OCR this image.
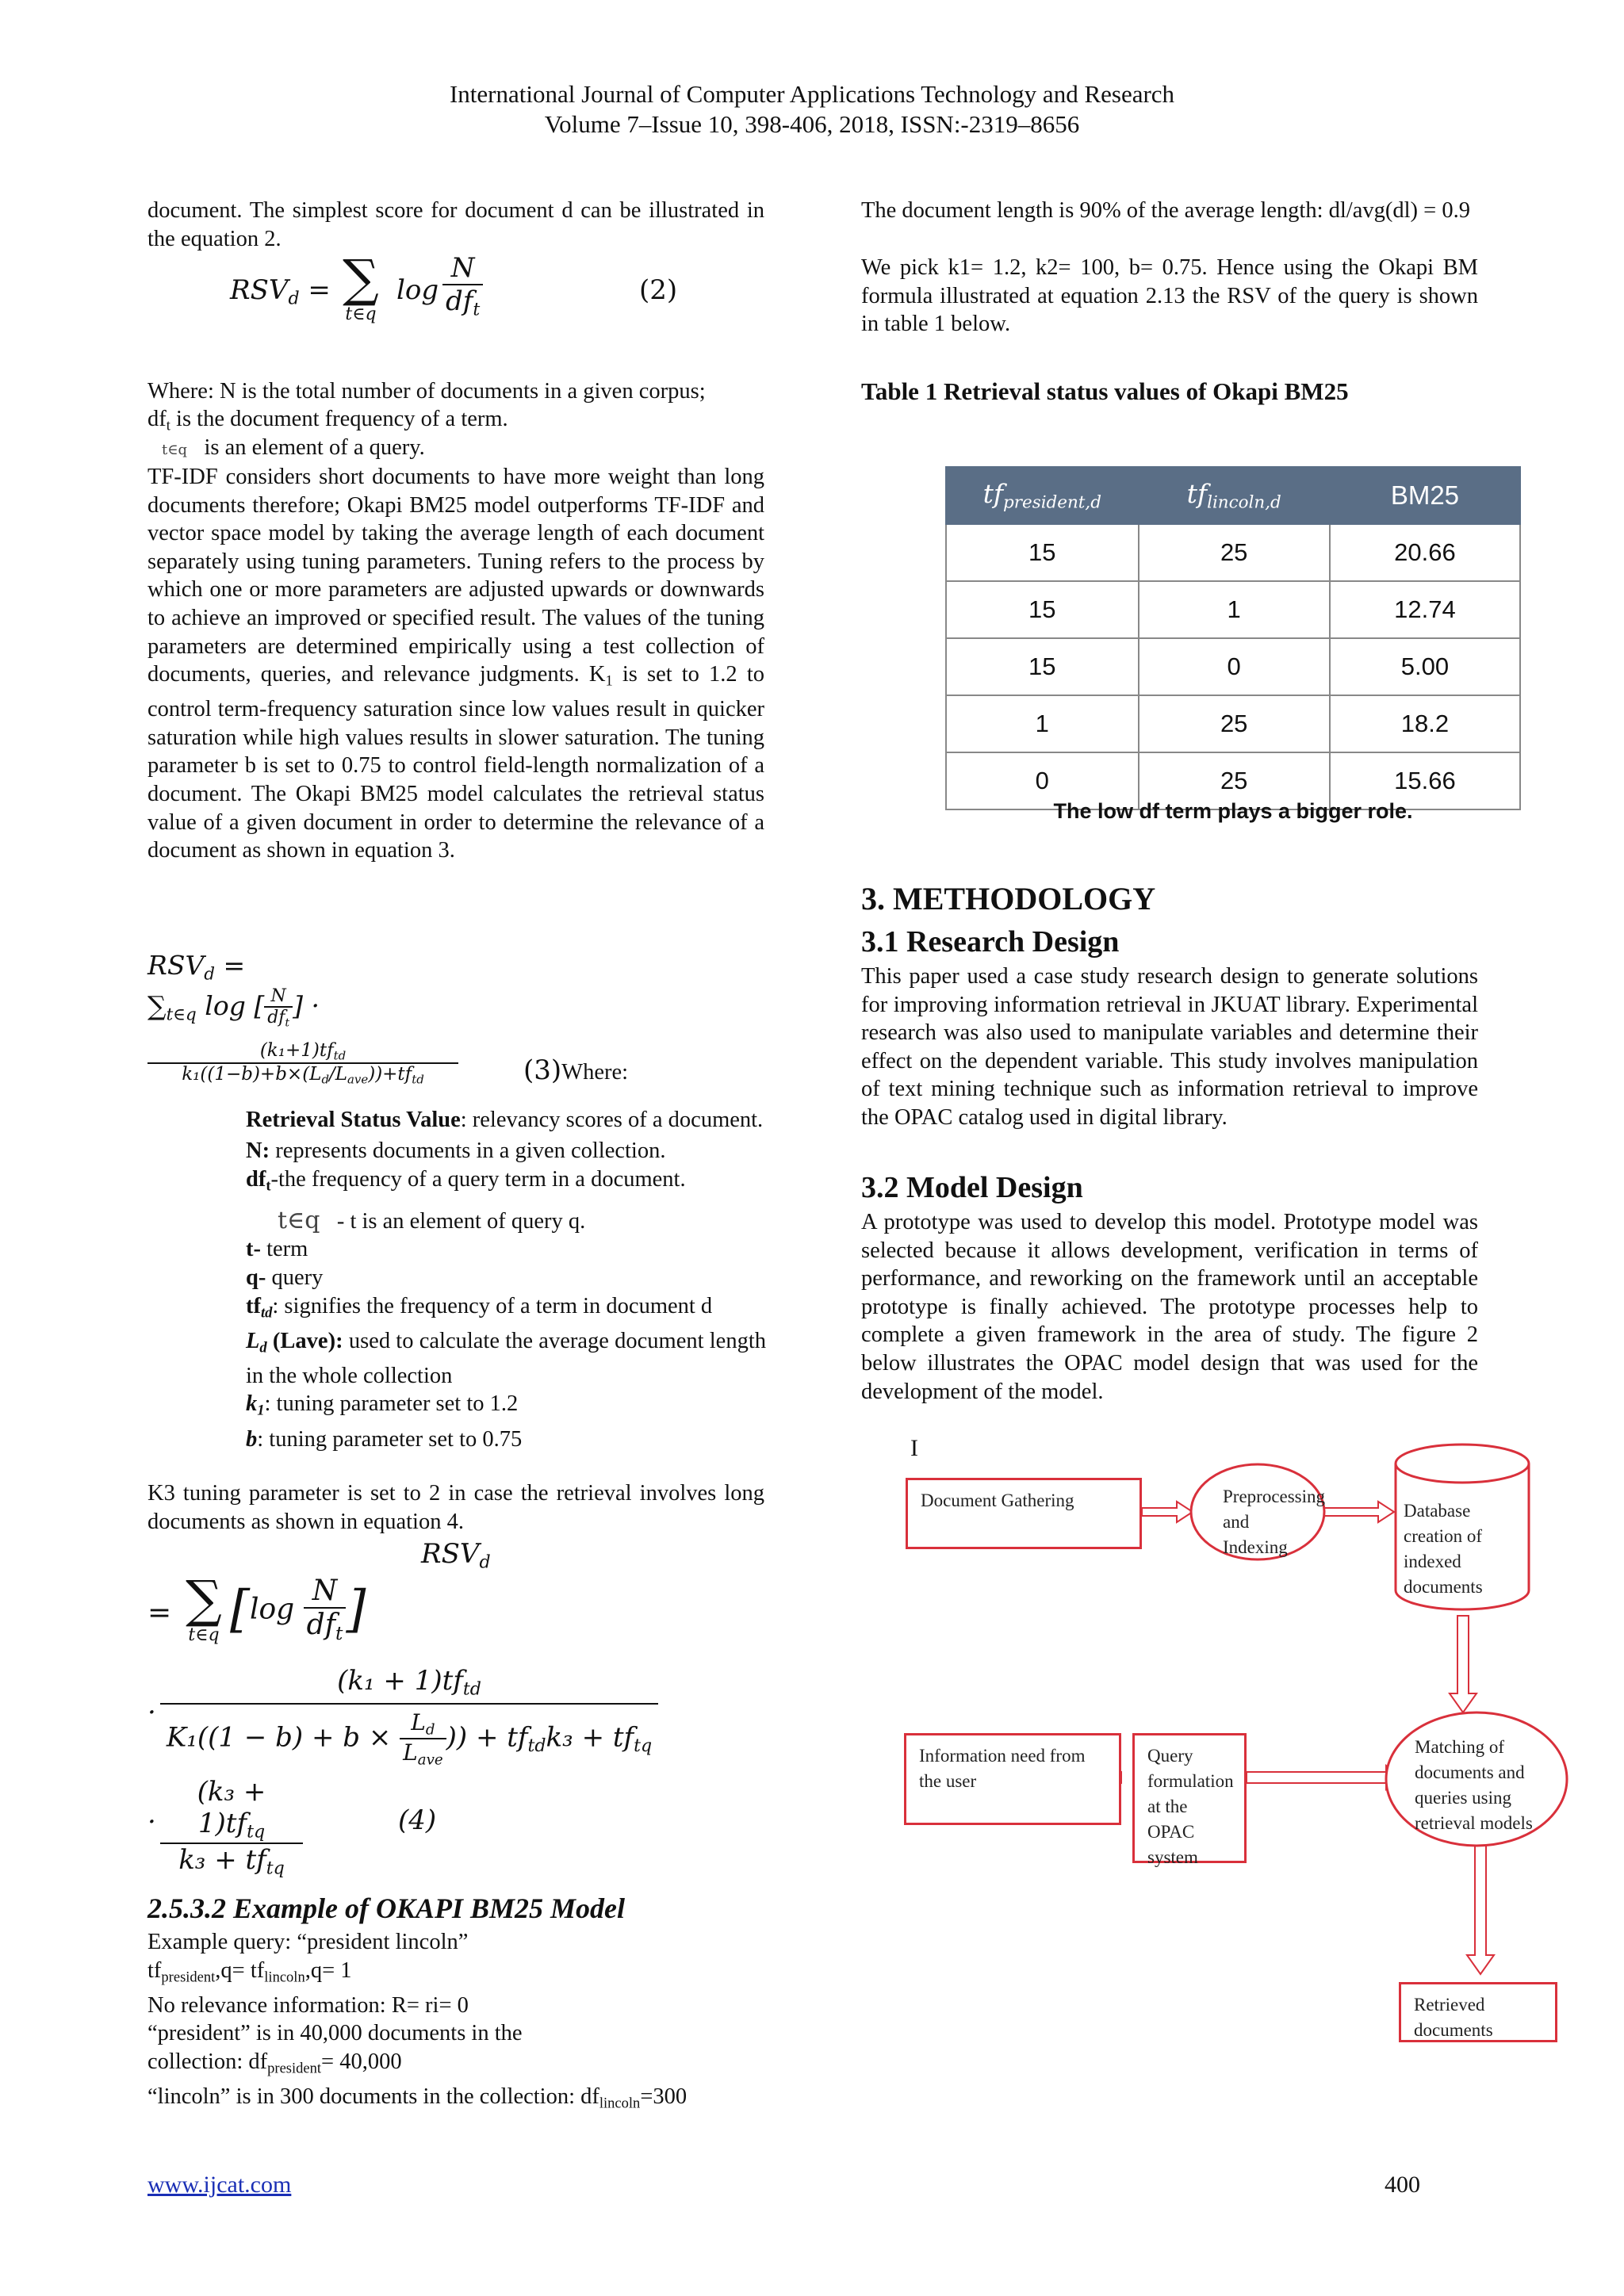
International Journal of Computer Applications Technology and Research
Volume 7–Issue 10, 398-406, 2018, ISSN:-2319–8656
document. The simplest score for document d can be illustrated in the equation 2.
$RSV_d$ = ∑
t∈q
log
N
$df_t$
(2)
Where: N is the total number of documents in a given corpus;
$df_t$ is the document frequency of a term.
t∈q is an element of a query.
TF-IDF considers short documents to have more weight than long documents therefore; Okapi BM25 model outperforms TF-IDF and vector space model by taking the average length of each document separately using tuning parameters. Tuning refers to the process by which one or more parameters are adjusted upwards or downwards to achieve an improved or specified result. The values of the tuning parameters are determined empirically using a test collection of documents, queries, and relevance judgments. $K_1$ is set to 1.2 to control term-frequency saturation since low values result in quicker saturation while high values results in slower saturation. The tuning parameter b is set to 0.75 to control field-length normalization of a document. The Okapi BM25 model calculates the retrieval status value of a given document in order to determine the relevance of a document as shown in equation 3.
$RSV_d$ =
$\sum_{t\in q}$ log [ $\frac{N}{df_t}$ ] ·
$(k_1+1)tf_{td}$
$k_1((1-b)+b\times(L_d/L_{ave}))+tf_{td}$	(3)Where:
Retrieval Status Value: relevancy scores of a document.
N: represents documents in a given collection.
$df_t$-the frequency of a query term in a document.
t∈q - t is an element of query q.
t- term
q- query
$tf_{td}$: signifies the frequency of a term in document d
$L_d$ (Lave): used to calculate the average document length in the whole collection
$k_1$: tuning parameter set to 1.2
b: tuning parameter set to 0.75
K3 tuning parameter is set to 2 in case the retrieval involves long documents as shown in equation 4.
$RSV_d$
= ∑
t∈q [$\log \frac{N}{df_t}$ ]
·
$(k_1 + 1)tf_{td}$
$K_1((1 - b) + b \times \frac{L_d}{L_{ave}}$ )) + $tf_{td}k_3 + tf_{tq}$
·
$(k_3 + 1)tf_{tq}$
$k_3 + tf_{tq}$
(4)
2.5.3.2 Example of OKAPI BM25 Model
Example query: “president lincoln”
$tf_{president},q= tf_{lincoln},q= 1$
No relevance information: R= ri= 0
“president” is in 40,000 documents in the
collection: $df_{president}= 40,000$
“lincoln” is in 300 documents in the collection: $df_{lincoln}=300$
The document length is 90% of the average length: dl/avg(dl) = 0.9
We pick k1= 1.2, k2= 100, b= 0.75. Hence using the Okapi BM formula illustrated at equation 2.13 the RSV of the query is shown in table 1 below.
Table 1 Retrieval status values of Okapi BM25
$tf_{president,d}$	$tf_{lincoln,d}$	BM25
15	25	20.66
15	1	12.74
15	0	5.00
1	25	18.2
0	25	15.66
The low df term plays a bigger role.
3. METHODOLOGY
3.1 Research Design
This paper used a case study research design to generate solutions for improving information retrieval in JKUAT library. Experimental research was also used to manipulate variables and determine their effect on the dependent variable. This study involves manipulation of text mining technique such as information retrieval to improve the OPAC catalog used in digital library.
3.2 Model Design
A prototype was used to develop this model. Prototype model was selected because it allows development, verification in terms of performance, and reworking on the framework until an acceptable prototype is finally achieved. The prototype processes help to complete a given framework in the area of study. The figure 2 below illustrates the OPAC model design that was used for the development of the model.
I
Document Gathering	Preprocessing and Indexing
Database creation of indexed documents
Information need from the user
Query formulation at the OPAC system
Matching of documents and queries using retrieval models
Retrieved documents
www.ijcat.com	400
